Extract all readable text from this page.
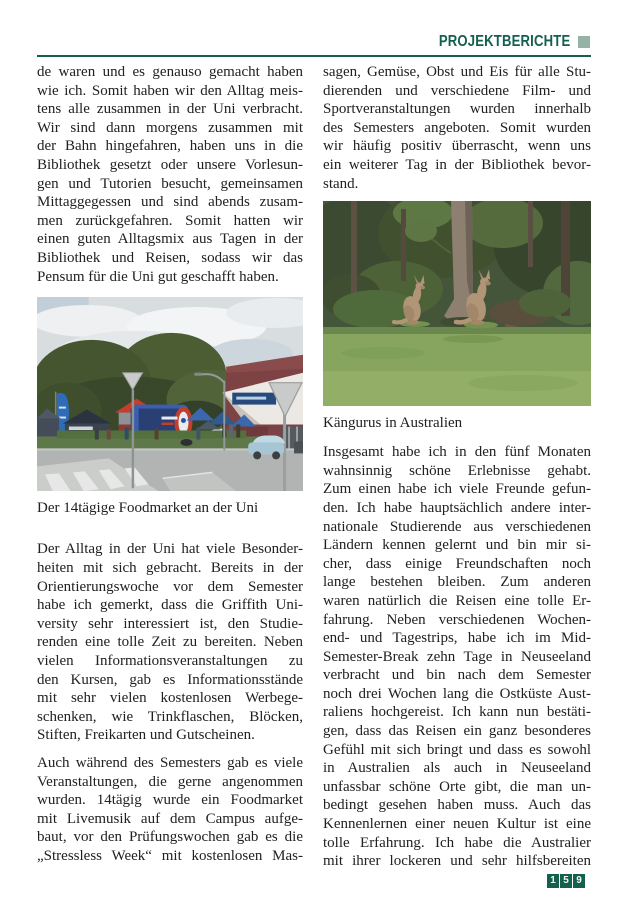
PROJEKTBERICHTE
de waren und es genauso gemacht haben
wie ich. Somit haben wir den Alltag meis-
tens alle zusammen in der Uni verbracht.
Wir sind dann morgens zusammen mit
der Bahn hingefahren, haben uns in die
Bibliothek gesetzt oder unsere Vorlesun-
gen und Tutorien besucht, gemeinsamen
Mittaggegessen und sind abends zusam-
men zurückgefahren. Somit hatten wir
einen guten Alltagsmix aus Tagen in der
Bibliothek und Reisen, sodass wir das
Pensum für die Uni gut geschafft haben.
Der 14tägige Foodmarket an der Uni
Der Alltag in der Uni hat viele Besonder-
heiten mit sich gebracht. Bereits in der
Orientierungswoche vor dem Semester
habe ich gemerkt, dass die Griffith Uni-
versity sehr interessiert ist, den Studie-
renden eine tolle Zeit zu bereiten. Neben
vielen Informationsveranstaltungen zu
den Kursen, gab es Informationsstände
mit sehr vielen kostenlosen Werbege-
schenken, wie Trinkflaschen, Blöcken,
Stiften, Freikarten und Gutscheinen.
Auch während des Semesters gab es viele
Veranstaltungen, die gerne angenommen
wurden. 14tägig wurde ein Foodmarket
mit Livemusik auf dem Campus aufge-
baut, vor den Prüfungswochen gab es die
„Stressless Week“ mit kostenlosen Mas-
sagen, Gemüse, Obst und Eis für alle Stu-
dierenden und verschiedene Film- und
Sportveranstaltungen wurden innerhalb
des Semesters angeboten. Somit wurden
wir häufig positiv überrascht, wenn uns
ein weiterer Tag in der Bibliothek bevor-
stand.
Kängurus in Australien
Insgesamt habe ich in den fünf Monaten
wahnsinnig schöne Erlebnisse gehabt.
Zum einen habe ich viele Freunde gefun-
den. Ich habe hauptsächlich andere inter-
nationale Studierende aus verschiedenen
Ländern kennen gelernt und bin mir si-
cher, dass einige Freundschaften noch
lange bestehen bleiben. Zum anderen
waren natürlich die Reisen eine tolle Er-
fahrung. Neben verschiedenen Wochen-
end- und Tagestrips, habe ich im Mid-
Semester-Break zehn Tage in Neuseeland
verbracht und bin nach dem Semester
noch drei Wochen lang die Ostküste Aust-
raliens hochgereist. Ich kann nun bestäti-
gen, dass das Reisen ein ganz besonderes
Gefühl mit sich bringt und dass es sowohl
in Australien als auch in Neuseeland
unfassbar schöne Orte gibt, die man un-
bedingt gesehen haben muss. Auch das
Kennenlernen einer neuen Kultur ist eine
tolle Erfahrung. Ich habe die Australier
mit ihrer lockeren und sehr hilfsbereiten
1 5 9
